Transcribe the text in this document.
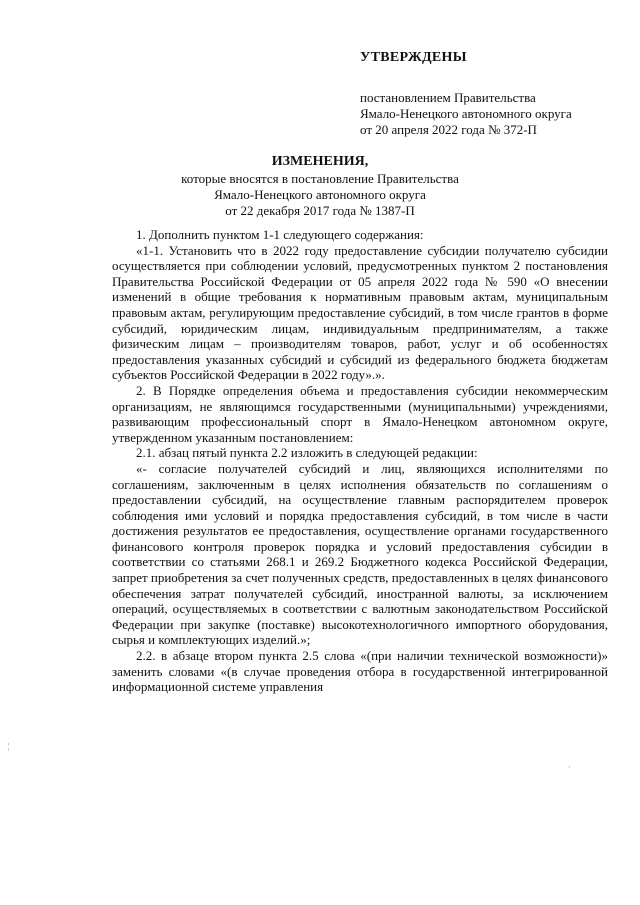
УТВЕРЖДЕНЫ
постановлением Правительства
Ямало-Ненецкого автономного округа
от 20 апреля 2022 года № 372-П
ИЗМЕНЕНИЯ,
которые вносятся в постановление Правительства
Ямало-Ненецкого автономного округа
от 22 декабря 2017 года № 1387-П

1. Дополнить пунктом 1-1 следующего содержания:

«1-1. Установить что в 2022 году предоставление субсидии получателю субсидии осуществляется при соблюдении условий, предусмотренных пунктом 2 постановления Правительства Российской Федерации от 05 апреля 2022 года № 590 «О внесении изменений в общие требования к нормативным правовым актам, муниципальным правовым актам, регулирующим предоставление субсидий, в том числе грантов в форме субсидий, юридическим лицам, индивидуальным предпринимателям, а также физическим лицам – производителям товаров, работ, услуг и об особенностях предоставления указанных субсидий и субсидий из федерального бюджета бюджетам субъектов Российской Федерации в 2022 году».».

2. В Порядке определения объема и предоставления субсидии некоммерческим организациям, не являющимся государственными (муниципальными) учреждениями, развивающим профессиональный спорт в Ямало-Ненецком автономном округе, утвержденном указанным постановлением:

2.1. абзац пятый пункта 2.2 изложить в следующей редакции:

«- согласие получателей субсидий и лиц, являющихся исполнителями по соглашениям, заключенным в целях исполнения обязательств по соглашениям о предоставлении субсидий, на осуществление главным распорядителем проверок соблюдения ими условий и порядка предоставления субсидий, в том числе в части достижения результатов ее предоставления, осуществление органами государственного финансового контроля проверок порядка и условий предоставления субсидии в соответствии со статьями 268.1 и 269.2 Бюджетного кодекса Российской Федерации, запрет приобретения за счет полученных средств, предоставленных в целях финансового обеспечения затрат получателей субсидий, иностранной валюты, за исключением операций, осуществляемых в соответствии с валютным законодательством Российской Федерации при закупке (поставке) высокотехнологичного импортного оборудования, сырья и комплектующих изделий.»;

2.2. в абзаце втором пункта 2.5 слова «(при наличии технической возможности)» заменить словами «(в случае проведения отбора в государственной интегрированной информационной системе управления

¦
·
